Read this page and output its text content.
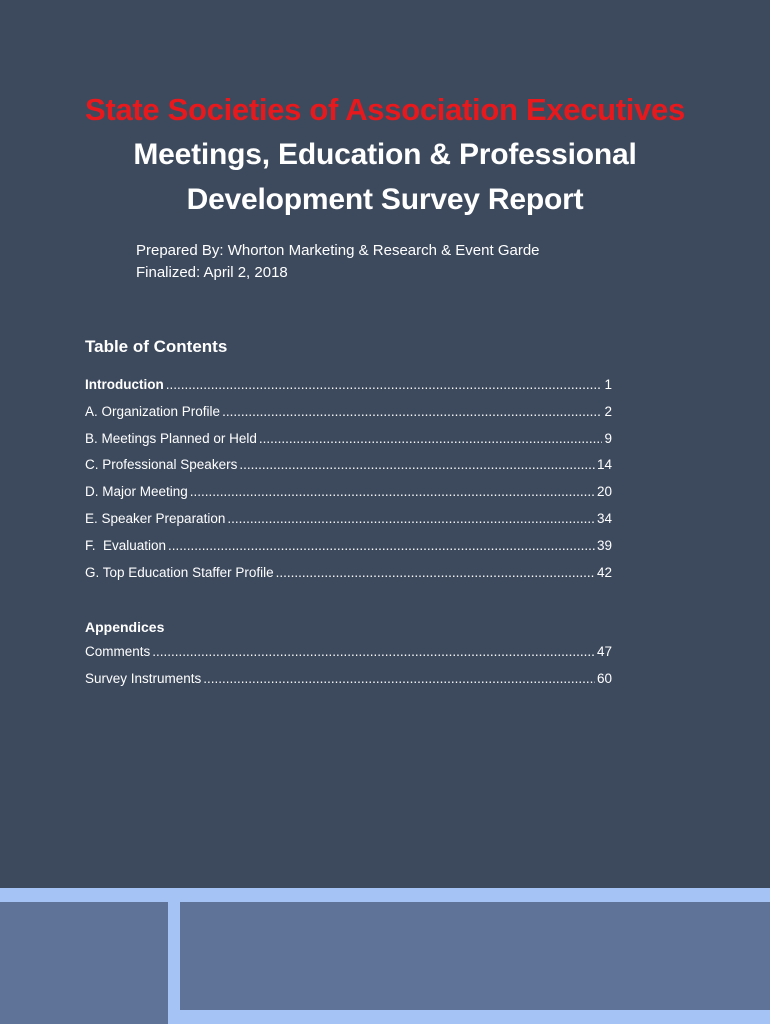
State Societies of Association Executives
Meetings, Education & Professional
Development Survey Report
Prepared By: Whorton Marketing & Research & Event Garde
Finalized: April 2, 2018
Table of Contents
Introduction .....	1
A. Organization Profile .....	2
B. Meetings Planned or Held .....	9
C. Professional Speakers .....	14
D. Major Meeting .....	20
E. Speaker Preparation .....	34
F.  Evaluation .....	39
G. Top Education Staffer Profile .....	42
Appendices
Comments .....	47
Survey Instruments .....	60
